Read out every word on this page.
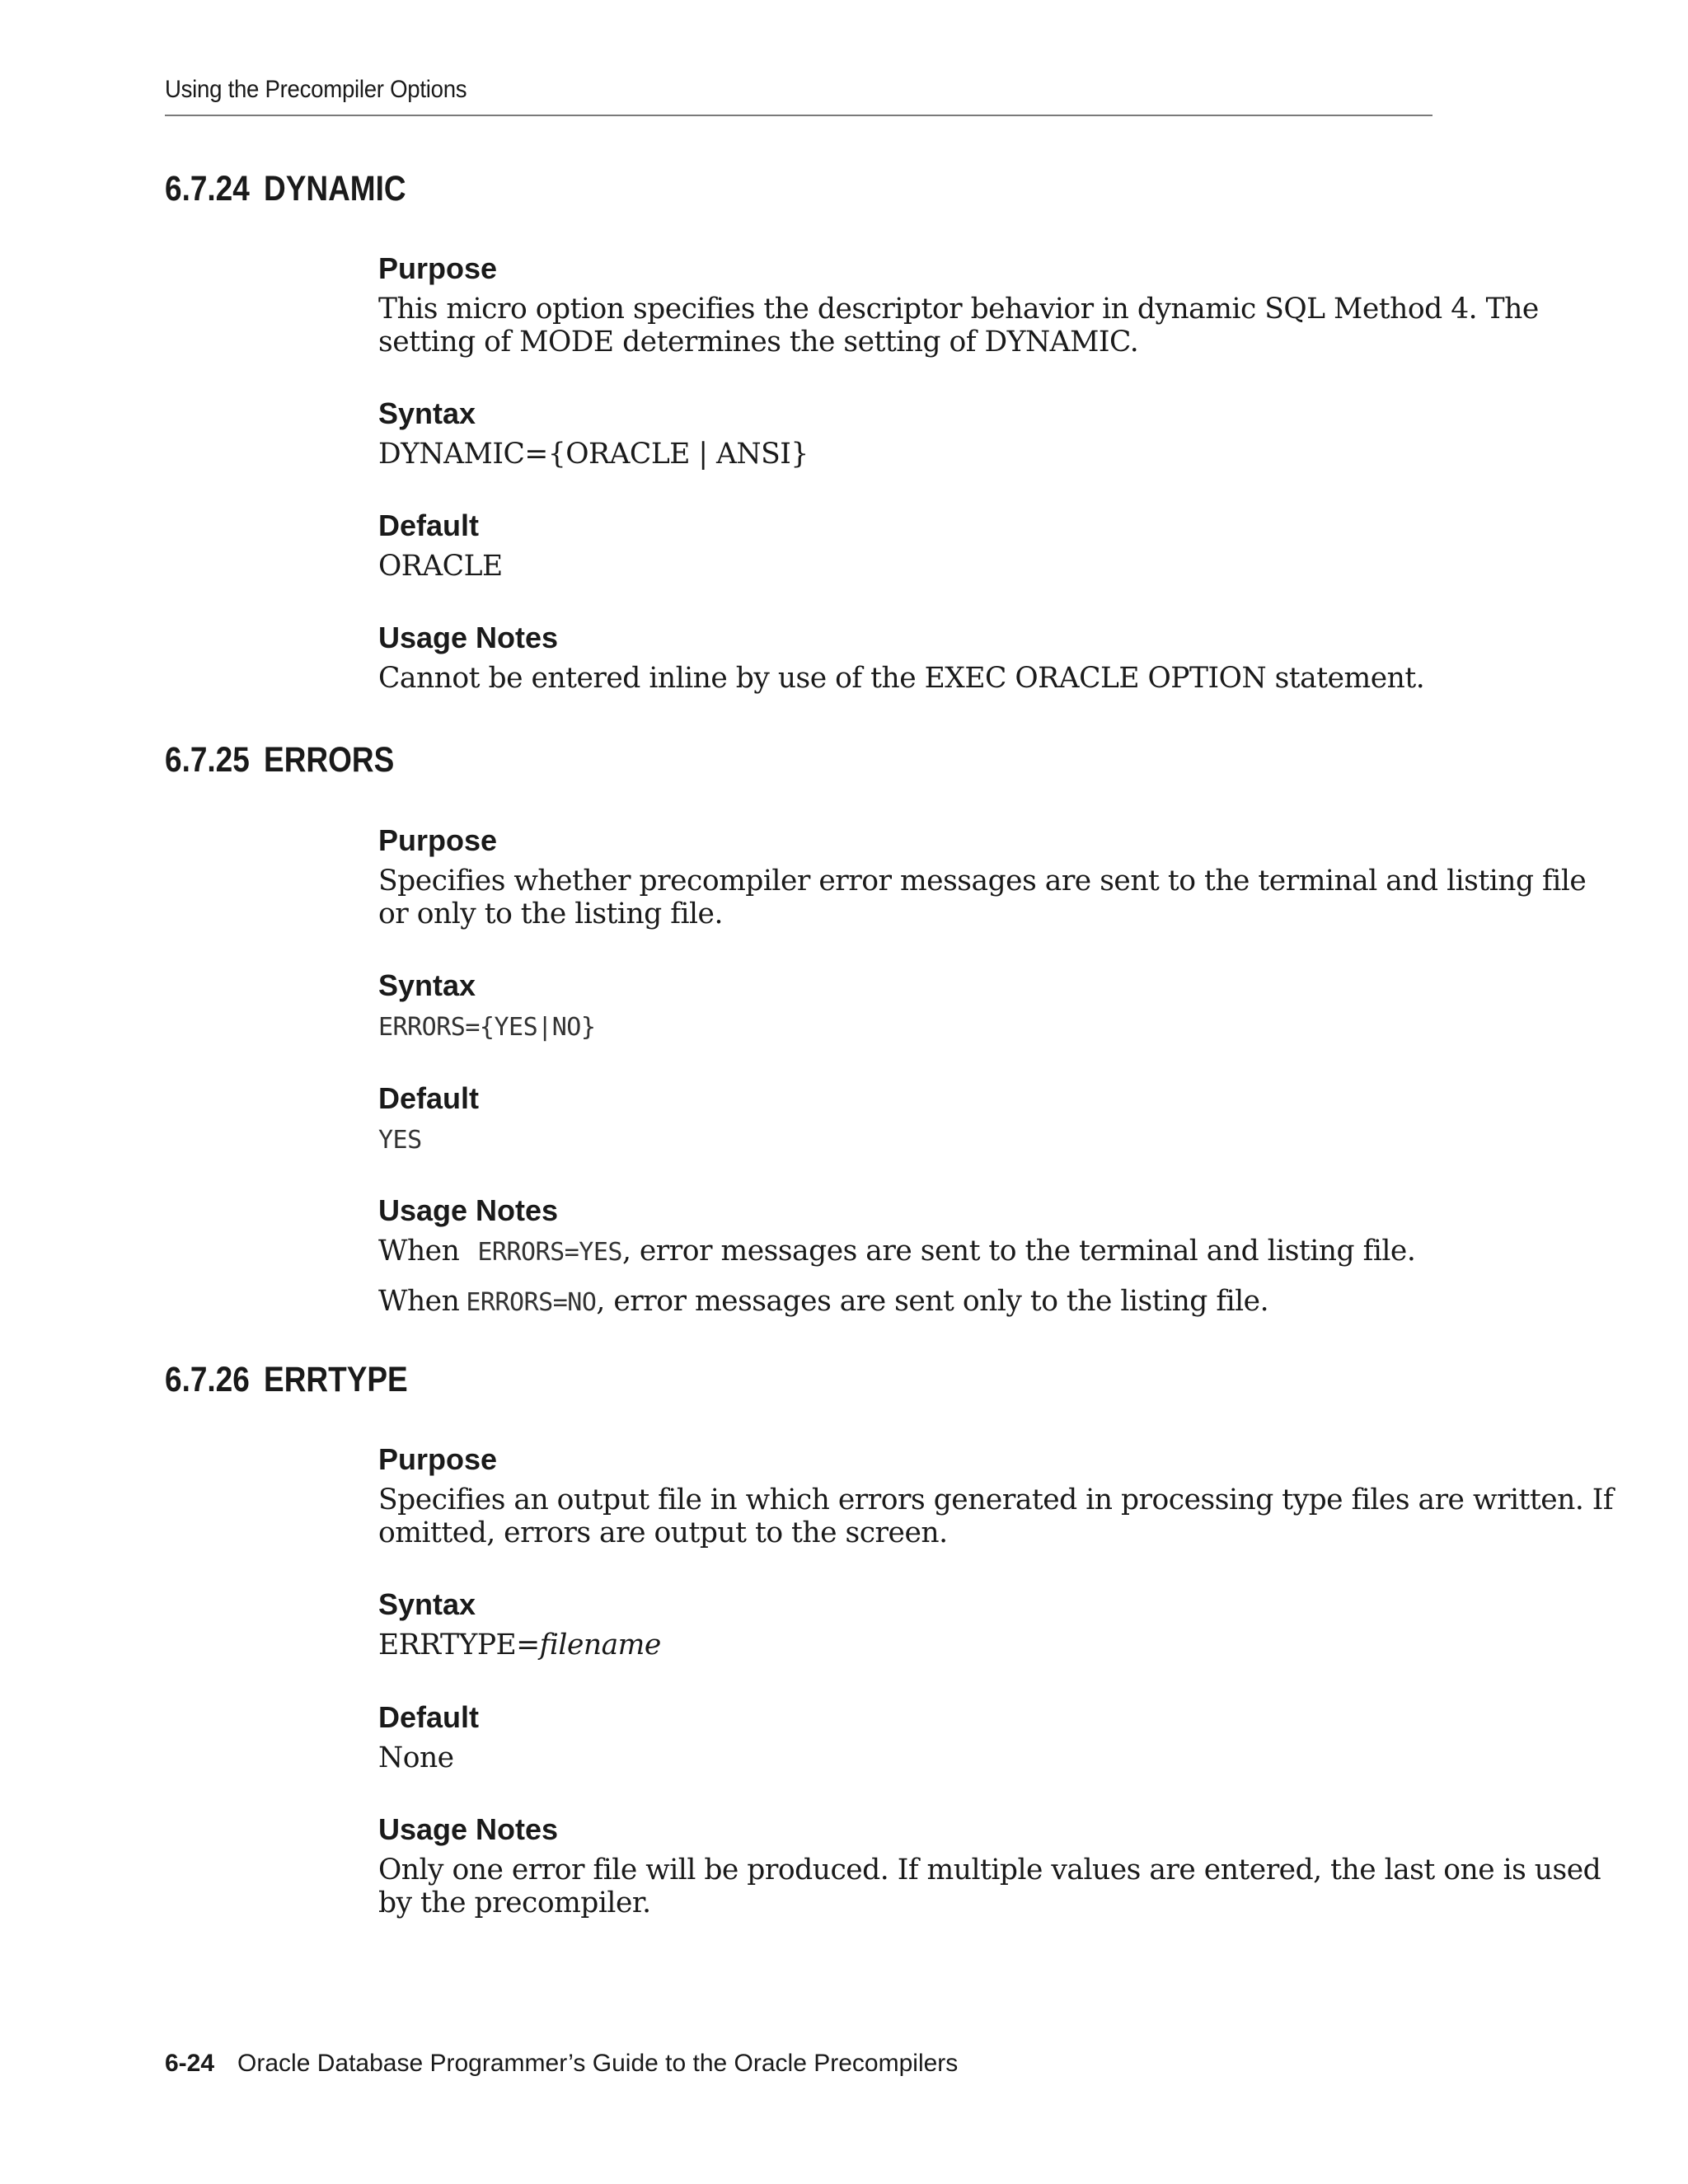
Using the Precompiler Options
6.7.24 DYNAMIC
Purpose

This micro option specifies the descriptor behavior in dynamic SQL Method 4. The
setting of MODE determines the setting of DYNAMIC.

Syntax

DYNAMIC={ORACLE | ANSI}

Default

ORACLE

Usage Notes

Cannot be entered inline by use of the EXEC ORACLE OPTION statement.

6.7.25 ERRORS
Purpose

Specifies whether precompiler error messages are sent to the terminal and listing file
or only to the listing file.

Syntax

ERRORS={YES|NO}

Default

YES

Usage Notes

When ERRORS=YES, error messages are sent to the terminal and listing file.

When ERRORS=NO, error messages are sent only to the listing file.

6.7.26 ERRTYPE
Purpose

Specifies an output file in which errors generated in processing type files are written. If
omitted, errors are output to the screen.

Syntax

ERRTYPE=filename

Default

None

Usage Notes

Only one error file will be produced. If multiple values are entered, the last one is used
by the precompiler.

6-24 Oracle Database Programmer’s Guide to the Oracle Precompilers
